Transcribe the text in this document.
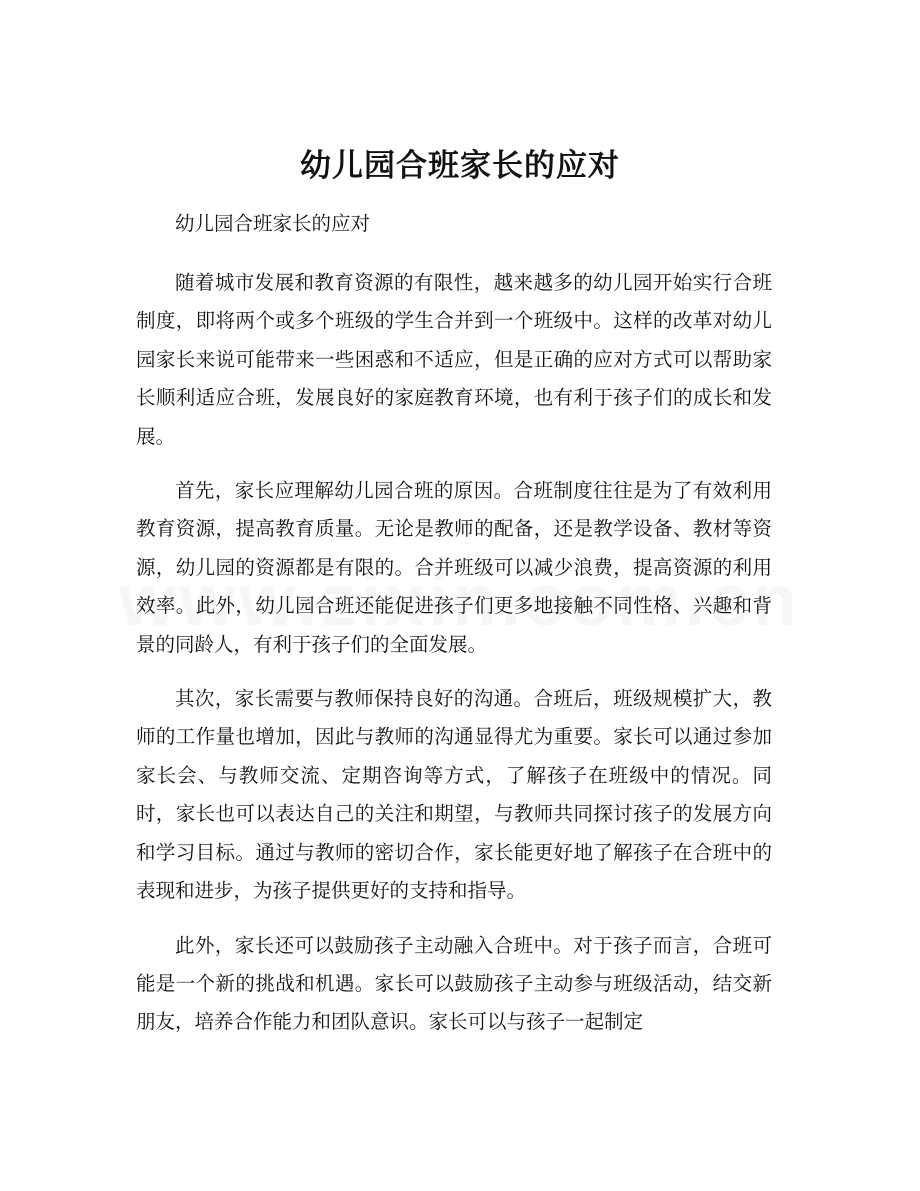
幼儿园合班家长的应对

幼儿园合班家长的应对

随着城市发展和教育资源的有限性，越来越多的幼儿园开始实行合班制度，即将两个或多个班级的学生合并到一个班级中。这样的改革对幼儿园家长来说可能带来一些困惑和不适应，但是正确的应对方式可以帮助家长顺利适应合班，发展良好的家庭教育环境，也有利于孩子们的成长和发展。

首先，家长应理解幼儿园合班的原因。合班制度往往是为了有效利用教育资源，提高教育质量。无论是教师的配备，还是教学设备、教材等资源，幼儿园的资源都是有限的。合并班级可以减少浪费，提高资源的利用效率。此外，幼儿园合班还能促进孩子们更多地接触不同性格、兴趣和背景的同龄人，有利于孩子们的全面发展。

其次，家长需要与教师保持良好的沟通。合班后，班级规模扩大，教师的工作量也增加，因此与教师的沟通显得尤为重要。家长可以通过参加家长会、与教师交流、定期咨询等方式，了解孩子在班级中的情况。同时，家长也可以表达自己的关注和期望，与教师共同探讨孩子的发展方向和学习目标。通过与教师的密切合作，家长能更好地了解孩子在合班中的表现和进步，为孩子提供更好的支持和指导。

此外，家长还可以鼓励孩子主动融入合班中。对于孩子而言，合班可能是一个新的挑战和机遇。家长可以鼓励孩子主动参与班级活动，结交新朋友，培养合作能力和团队意识。家长可以与孩子一起制定
